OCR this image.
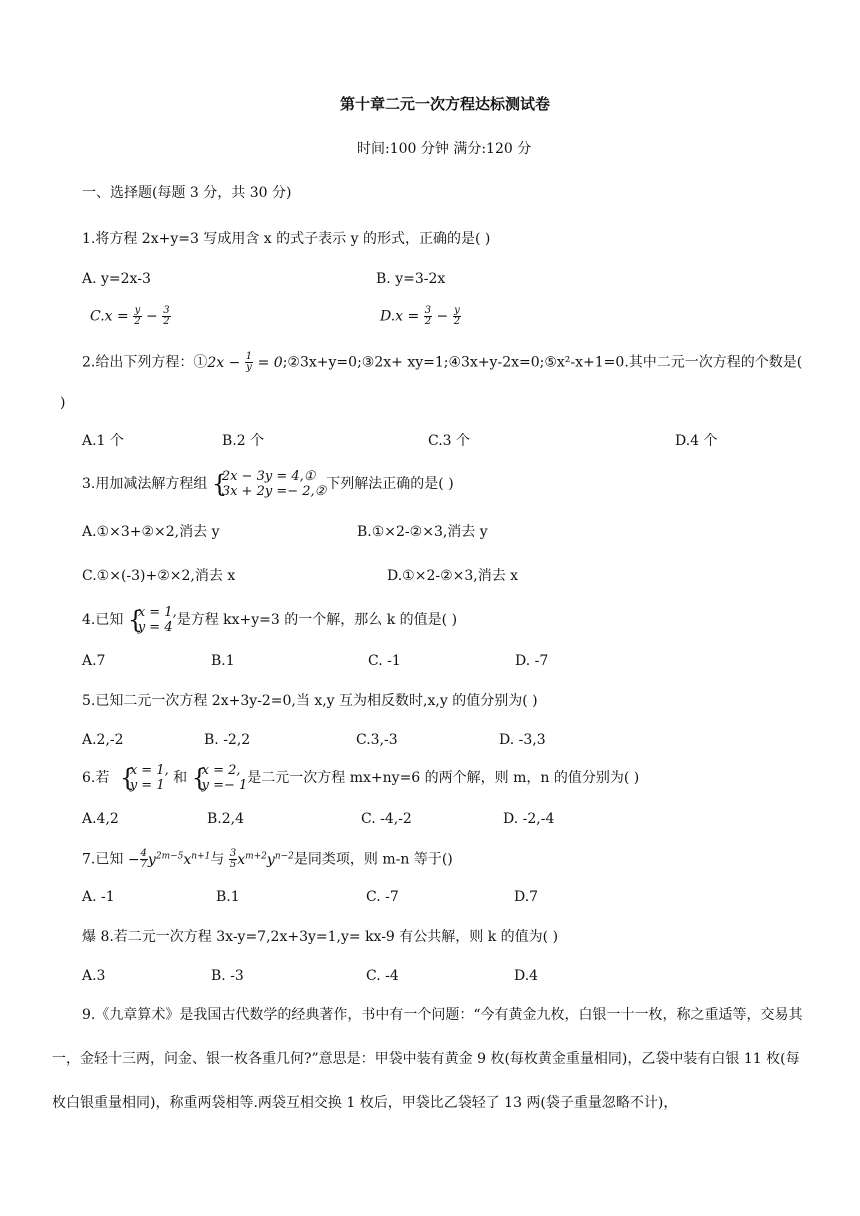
第十章二元一次方程达标测试卷
时间:100 分钟 满分:120 分
一、选择题(每题 3 分，共 30 分)
1.将方程 2x+y=3 写成用含 x 的式子表示 y 的形式，正确的是( )
A. y=2x-3	B. y=3-2x
$C.x = \frac{y}{2} - \frac{3}{2}$	$D.x = \frac{3}{2} - \frac{y}{2}$
2.给出下列方程：①2x − $\frac{1}{y}$ = 0;②3x+y=0;③2x+ xy=1;④3x+y-2x=0;⑤x²-x+1=0.其中二元一次方程的个数是(
)
A.1 个	B.2 个	C.3 个	D.4 个
3.用加减法解方程组 {
2x − 3y = 4,①
3x + 2y =− 2,② 下列解法正确的是( )
A.①×3+②×2,消去 y	B.①×2-②×3,消去 y
C.①×(-3)+②×2,消去 x	D.①×2-②×3,消去 x
4.已知 {
x = 1,
y = 4 是方程 kx+y=3 的一个解，那么 k 的值是( )
A.7	B.1	C. -1	D. -7
5.已知二元一次方程 2x+3y-2=0,当 x,y 互为相反数时,x,y 的值分别为( )
A.2,-2	B. -2,2	C.3,-3	D. -3,3
6.若 {
x = 1,
y = 1 和 {
x = 2,
y =− 1 是二元一次方程 mx+ny=6 的两个解，则 m，n 的值分别为( )
A.4,2	B.2,4	C. -4,-2	D. -2,-4
7.已知 − $\frac{4}{7} y^{2m-5}x^{n+1}$与 $\frac{3}{5} x^{m+2}y^{n-2}$是同类项，则 m-n 等于()
A. -1	B.1	C. -7	D.7
爆 8.若二元一次方程 3x-y=7,2x+3y=1,y= kx-9 有公共解，则 k 的值为( )
A.3	B. -3	C. -4	D.4
9.《九章算术》是我国古代数学的经典著作，书中有一个问题：“今有黄金九枚，白银一十一枚，称之重适等，交易其一，金轻十三两，问金、银一枚各重几何?”意思是：甲袋中装有黄金 9 枚(每枚黄金重量相同)，乙袋中装有白银 11 枚(每枚白银重量相同)，称重两袋相等.两袋互相交换 1 枚后，甲袋比乙袋轻了 13 两(袋子重量忽略不计)，
